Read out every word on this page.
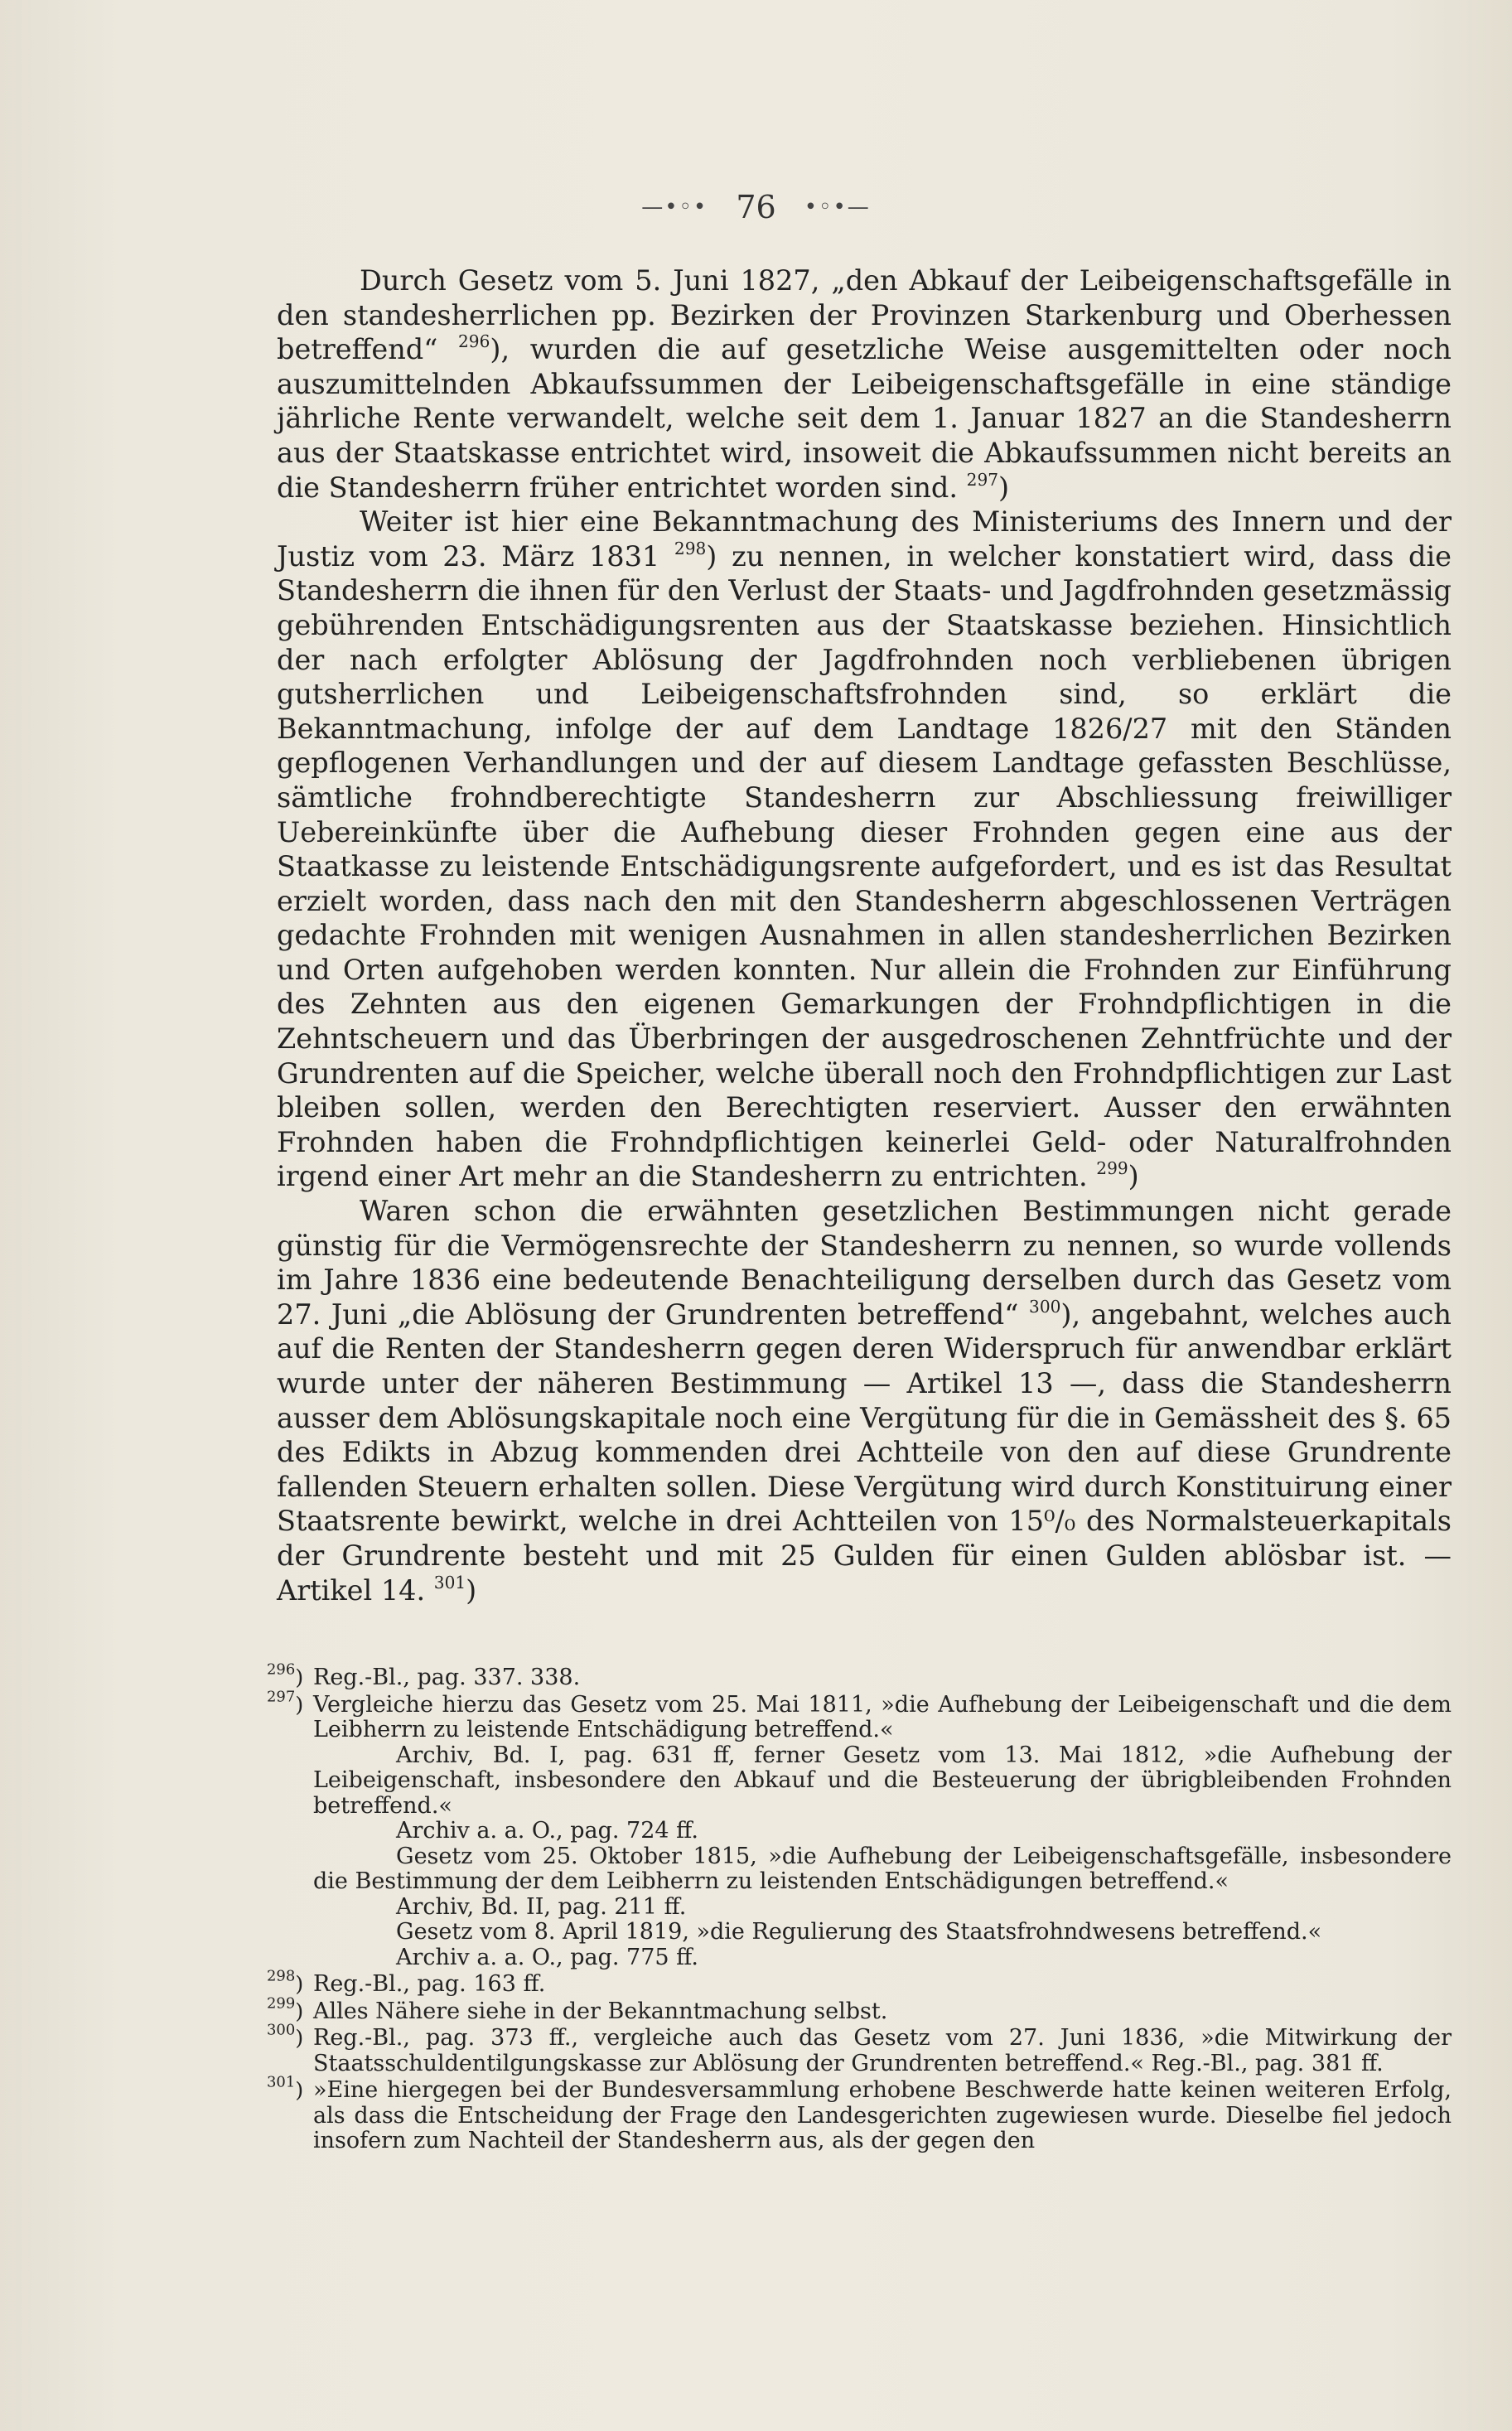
—•◦• 76 •◦•—

Durch Gesetz vom 5. Juni 1827, „den Abkauf der Leibeigenschaftsgefälle in den standesherrlichen pp. Bezirken der Provinzen Starkenburg und Oberhessen betreffend“ $^{296}$), wurden die auf gesetzliche Weise ausgemittelten oder noch auszumittelnden Abkaufssummen der Leibeigenschaftsgefälle in eine ständige jährliche Rente verwandelt, welche seit dem 1. Januar 1827 an die Standesherrn aus der Staatskasse entrichtet wird, insoweit die Abkaufssummen nicht bereits an die Standesherrn früher entrichtet worden sind. $^{297}$)

Weiter ist hier eine Bekanntmachung des Ministeriums des Innern und der Justiz vom 23. März 1831 $^{298}$) zu nennen, in welcher konstatiert wird, dass die Standesherrn die ihnen für den Verlust der Staats- und Jagdfrohnden gesetzmässig gebührenden Entschädigungsrenten aus der Staatskasse beziehen. Hinsichtlich der nach erfolgter Ablösung der Jagdfrohnden noch verbliebenen übrigen gutsherrlichen und Leibeigenschaftsfrohnden sind, so erklärt die Bekanntmachung, infolge der auf dem Landtage 1826/27 mit den Ständen gepflogenen Verhandlungen und der auf diesem Landtage gefassten Beschlüsse, sämtliche frohndberechtigte Standesherrn zur Abschliessung freiwilliger Uebereinkünfte über die Aufhebung dieser Frohnden gegen eine aus der Staatkasse zu leistende Entschädigungsrente aufgefordert, und es ist das Resultat erzielt worden, dass nach den mit den Standesherrn abgeschlossenen Verträgen gedachte Frohnden mit wenigen Ausnahmen in allen standesherrlichen Bezirken und Orten aufgehoben werden konnten. Nur allein die Frohnden zur Einführung des Zehnten aus den eigenen Gemarkungen der Frohndpflichtigen in die Zehntscheuern und das Überbringen der ausgedroschenen Zehntfrüchte und der Grundrenten auf die Speicher, welche überall noch den Frohndpflichtigen zur Last bleiben sollen, werden den Berechtigten reserviert. Ausser den erwähnten Frohnden haben die Frohndpflichtigen keinerlei Geld- oder Naturalfrohnden irgend einer Art mehr an die Standesherrn zu entrichten. $^{299}$)

Waren schon die erwähnten gesetzlichen Bestimmungen nicht gerade günstig für die Vermögensrechte der Standesherrn zu nennen, so wurde vollends im Jahre 1836 eine bedeutende Benachteiligung derselben durch das Gesetz vom 27. Juni „die Ablösung der Grundrenten betreffend“ $^{300}$), angebahnt, welches auch auf die Renten der Standesherrn gegen deren Widerspruch für anwendbar erklärt wurde unter der näheren Bestimmung — Artikel 13 —, dass die Standesherrn ausser dem Ablösungskapitale noch eine Vergütung für die in Gemässheit des §. 65 des Edikts in Abzug kommenden drei Achtteile von den auf diese Grundrente fallenden Steuern erhalten sollen. Diese Vergütung wird durch Konstituirung einer Staatsrente bewirkt, welche in drei Achtteilen von 15⁰/₀ des Normalsteuerkapitals der Grundrente besteht und mit 25 Gulden für einen Gulden ablösbar ist. — Artikel 14. $^{301}$)

$^{296}$) Reg.-Bl., pag. 337. 338.
$^{297}$) Vergleiche hierzu das Gesetz vom 25. Mai 1811, »die Aufhebung der Leibeigenschaft und die dem Leibherrn zu leistende Entschädigung betreffend.«
Archiv, Bd. I, pag. 631 ff, ferner Gesetz vom 13. Mai 1812, »die Aufhebung der Leibeigenschaft, insbesondere den Abkauf und die Besteuerung der übrigbleibenden Frohnden betreffend.«
Archiv a. a. O., pag. 724 ff.
Gesetz vom 25. Oktober 1815, »die Aufhebung der Leibeigenschaftsgefälle, insbesondere die Bestimmung der dem Leibherrn zu leistenden Entschädigungen betreffend.«
Archiv, Bd. II, pag. 211 ff.
Gesetz vom 8. April 1819, »die Regulierung des Staatsfrohndwesens betreffend.«
Archiv a. a. O., pag. 775 ff.
$^{298}$) Reg.-Bl., pag. 163 ff.
$^{299}$) Alles Nähere siehe in der Bekanntmachung selbst.
$^{300}$) Reg.-Bl., pag. 373 ff., vergleiche auch das Gesetz vom 27. Juni 1836, »die Mitwirkung der Staatsschuldentilgungskasse zur Ablösung der Grundrenten betreffend.« Reg.-Bl., pag. 381 ff.
$^{301}$) »Eine hiergegen bei der Bundesversammlung erhobene Beschwerde hatte keinen weiteren Erfolg, als dass die Entscheidung der Frage den Landesgerichten zugewiesen wurde. Dieselbe fiel jedoch insofern zum Nachteil der Standesherrn aus, als der gegen den
